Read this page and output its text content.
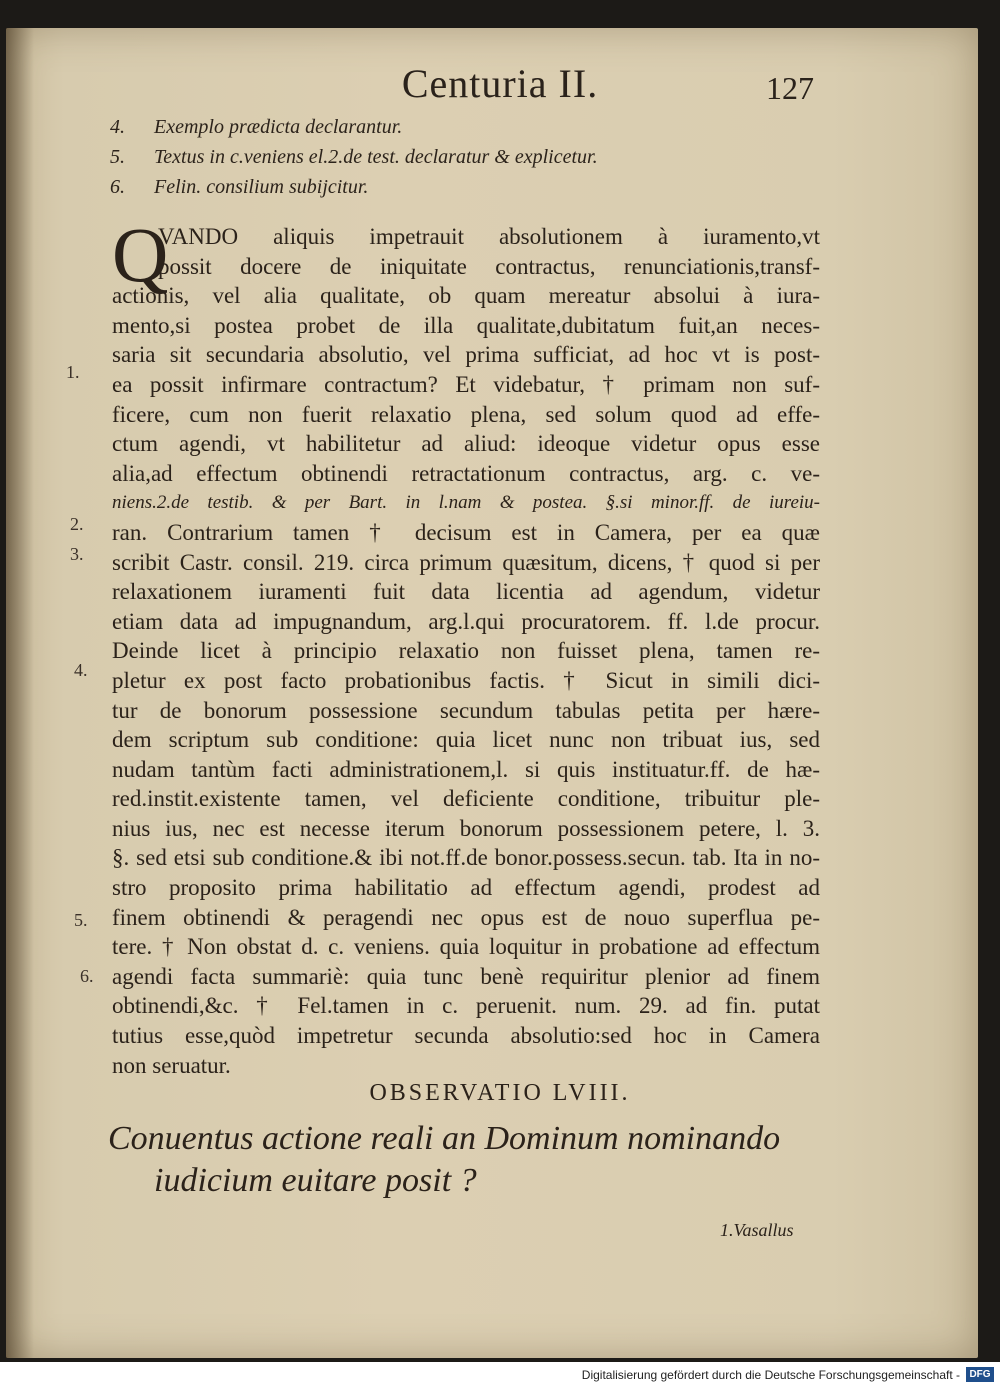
Centuria II.	127
4. Exemplo prædicta declarantur.
5. Textus in c.veniens el.2.de test. declaratur & explicetur.
6. Felin. consilium subijcitur.
Q
VANDO aliquis impetrauit absolutionem à iuramento,vt
possit docere de iniquitate contractus, renunciationis,transf-
actionis, vel alia qualitate, ob quam mereatur absolui à iura-
mento,si postea probet de illa qualitate,dubitatum fuit,an neces-
saria sit secundaria absolutio, vel prima sufficiat, ad hoc vt is post-
ea possit infirmare contractum? Et videbatur, † primam non suf-
ficere, cum non fuerit relaxatio plena, sed solum quod ad effe-
ctum agendi, vt habilitetur ad aliud: ideoque videtur opus esse
alia,ad effectum obtinendi retractationum contractus, arg. c. ve-
niens.2.de testib. & per Bart. in l.nam & postea. §.si minor.ff. de iureiu-
ran. Contrarium tamen † decisum est in Camera, per ea quæ
scribit Castr. consil. 219. circa primum quæsitum, dicens, † quod si per
relaxationem iuramenti fuit data licentia ad agendum, videtur
etiam data ad impugnandum, arg.l.qui procuratorem. ff. l.de procur.
Deinde licet à principio relaxatio non fuisset plena, tamen re-
pletur ex post facto probationibus factis. † Sicut in simili dici-
tur de bonorum possessione secundum tabulas petita per hære-
dem scriptum sub conditione: quia licet nunc non tribuat ius, sed
nudam tantùm facti administrationem,l. si quis instituatur.ff. de hæ-
red.instit.existente tamen, vel deficiente conditione, tribuitur ple-
nius ius, nec est necesse iterum bonorum possessionem petere, l. 3.
§. sed etsi sub conditione.& ibi not.ff.de bonor.possess.secun. tab. Ita in no-
stro proposito prima habilitatio ad effectum agendi, prodest ad
finem obtinendi & peragendi nec opus est de nouo superflua pe-
tere. † Non obstat d. c. veniens. quia loquitur in probatione ad effectum
agendi facta summariè: quia tunc benè requiritur plenior ad finem
obtinendi,&c. † Fel.tamen in c. peruenit. num. 29. ad fin. putat
tutius esse,quòd impetretur secunda absolutio:sed hoc in Camera
non seruatur.
1.
2.
3.
4.
5.
6.
OBSERVATIO LVIII.
Conuentus actione reali an Dominum nominando
iudicium euitare posit ?
1.Vasallus
Digitalisierung gefördert durch die Deutsche Forschungsgemeinschaft - DFG
